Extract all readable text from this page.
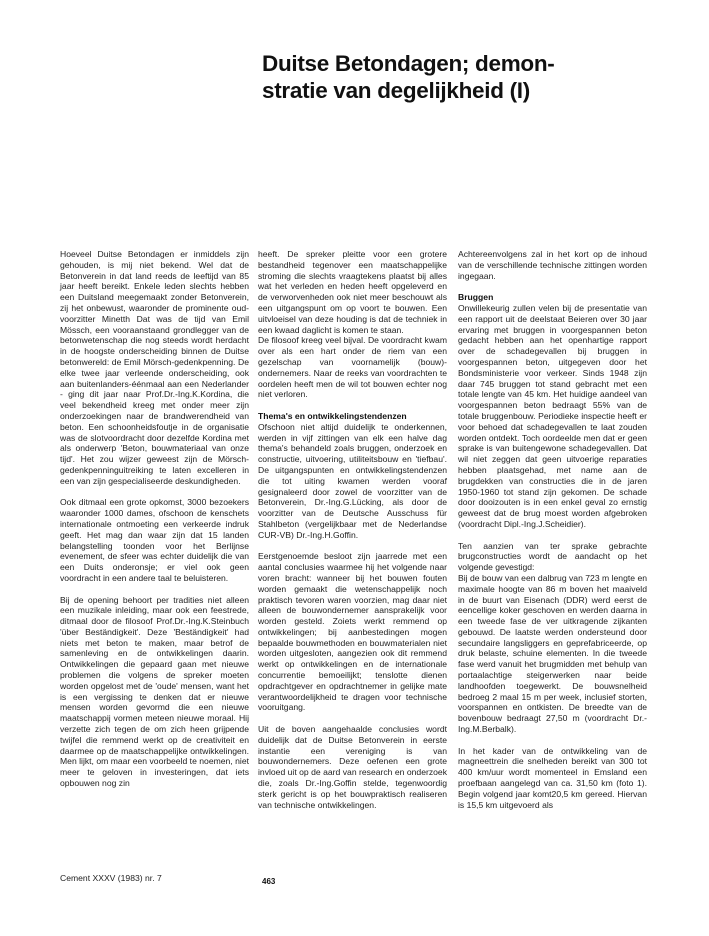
Duitse Betondagen; demon-
stratie van degelijkheid (I)

Hoeveel Duitse Betondagen er inmiddels zijn gehouden, is mij niet bekend. Wel dat de Betonverein in dat land reeds de leeftijd van 85 jaar heeft bereikt. Enkele leden slechts hebben een Duitsland meegemaakt zonder Betonverein, zij het onbewust, waaronder de prominente oud-voorzitter Minetth Dat was de tijd van Emil Mössch, een vooraanstaand grondlegger van de betonwetenschap die nog steeds wordt herdacht in de hoogste onderscheiding binnen de Duitse betonwereld: de Emil Mörsch-gedenkpenning. De elke twee jaar verleende onderscheiding, ook aan buitenlanders-éénmaal aan een Nederlander - ging dit jaar naar Prof.Dr.-Ing.K.Kordina, die veel bekendheid kreeg met onder meer zijn onderzoekingen naar de brandwerendheid van beton. Een schoonheidsfoutje in de organisatie was de slotvoordracht door dezelfde Kordina met als onderwerp 'Beton, bouwmateriaal van onze tijd'. Het zou wijzer geweest zijn de Mörsch-gedenkpenninguitreiking te laten excelleren in een van zijn gespecialiseerde deskundigheden.

Ook ditmaal een grote opkomst, 3000 bezoekers waaronder 1000 dames, ofschoon de kenschets internationale ontmoeting een verkeerde indruk geeft. Het mag dan waar zijn dat 15 landen belangstelling toonden voor het Berlijnse evenement, de sfeer was echter duidelijk die van een Duits onderonsje; er viel ook geen voordracht in een andere taal te beluisteren.

Bij de opening behoort per tradities niet alleen een muzikale inleiding, maar ook een feestrede, ditmaal door de filosoof Prof.Dr.-Ing.K.Steinbuch 'über Beständigkeit'. Deze 'Beständigkeit' had niets met beton te maken, maar betrof de samenleving en de ontwikkelingen daarin. Ontwikkelingen die gepaard gaan met nieuwe problemen die volgens de spreker moeten worden opgelost met de 'oude' mensen, want het is een vergissing te denken dat er nieuwe mensen worden gevormd die een nieuwe maatschappij vormen meteen nieuwe moraal. Hij verzette zich tegen de om zich heen grijpende twijfel die remmend werkt op de creativiteit en daarmee op de maatschappelijke ontwikkelingen. Men lijkt, om maar een voorbeeld te noemen, niet meer te geloven in investeringen, dat iets opbouwen nog zin

heeft. De spreker pleitte voor een grotere bestandheid tegenover een maatschappelijke stroming die slechts vraagtekens plaatst bij alles wat het verleden en heden heeft opgeleverd en de verworvenheden ook niet meer beschouwt als een uitgangspunt om op voort te bouwen. Een uitvloeisel van deze houding is dat de techniek in een kwaad daglicht is komen te staan.

De filosoof kreeg veel bijval. De voordracht kwam over als een hart onder de riem van een gezelschap van voornamelijk (bouw)-ondernemers. Naar de reeks van voordrachten te oordelen heeft men de wil tot bouwen echter nog niet verloren.

Thema's en ontwikkelingstendenzen

Ofschoon niet altijd duidelijk te onderkennen, werden in vijf zittingen van elk een halve dag thema's behandeld zoals bruggen, onderzoek en constructie, uitvoering, utiliteitsbouw en 'tiefbau'. De uitgangspunten en ontwikkelingstendenzen die tot uiting kwamen werden vooraf gesignaleerd door zowel de voorzitter van de Betonverein, Dr.-Ing.G.Lücking, als door de voorzitter van de Deutsche Ausschuss für Stahlbeton (vergelijkbaar met de Nederlandse CUR-VB) Dr.-Ing.H.Goffin.

Eerstgenoemde besloot zijn jaarrede met een aantal conclusies waarmee hij het volgende naar voren bracht: wanneer bij het bouwen fouten worden gemaakt die wetenschappelijk noch praktisch tevoren waren voorzien, mag daar niet alleen de bouwondernemer aansprakelijk voor worden gesteld. Zoiets werkt remmend op ontwikkelingen; bij aanbestedingen mogen bepaalde bouwmethoden en bouwmaterialen niet worden uitgesloten, aangezien ook dit remmend werkt op ontwikkelingen en de internationale concurrentie bemoeilijkt; tenslotte dienen opdrachtgever en opdrachtnemer in gelijke mate verantwoordelijkheid te dragen voor technische vooruitgang.

Uit de boven aangehaalde conclusies wordt duidelijk dat de Duitse Betonverein in eerste instantie een vereniging is van bouwondernemers. Deze oefenen een grote invloed uit op de aard van research en onderzoek die, zoals Dr.-Ing.Goffin stelde, tegenwoordig sterk gericht is op het bouwpraktisch realiseren van technische ontwikkelingen.

Achtereenvolgens zal in het kort op de inhoud van de verschillende technische zittingen worden ingegaan.

Bruggen

Onwillekeurig zullen velen bij de presentatie van een rapport uit de deelstaat Beieren over 30 jaar ervaring met bruggen in voorgespannen beton gedacht hebben aan het openhartige rapport over de schadegevallen bij bruggen in voorgespannen beton, uitgegeven door het Bondsministerie voor verkeer. Sinds 1948 zijn daar 745 bruggen tot stand gebracht met een totale lengte van 45 km. Het huidige aandeel van voorgespannen beton bedraagt 55% van de totale bruggenbouw. Periodieke inspectie heeft er voor behoed dat schadegevallen te laat zouden worden ontdekt. Toch oordeelde men dat er geen sprake is van buitengewone schadegevallen. Dat wil niet zeggen dat geen uitvoerige reparaties hebben plaatsgehad, met name aan de brugdekken van constructies die in de jaren 1950-1960 tot stand zijn gekomen. De schade door dooizouten is in een enkel geval zo ernstig geweest dat de brug moest worden afgebroken (voordracht Dipl.-Ing.J.Scheidier).

Ten aanzien van ter sprake gebrachte brugconstructies wordt de aandacht op het volgende gevestigd:

Bij de bouw van een dalbrug van 723 m lengte en maximale hoogte van 86 m boven het maaiveld in de buurt van Eisenach (DDR) werd eerst de eencellige koker geschoven en werden daarna in een tweede fase de ver uitkragende zijkanten gebouwd. De laatste werden ondersteund door secundaire langsliggers en geprefabriceerde, op druk belaste, schuine elementen. In die tweede fase werd vanuit het brugmidden met behulp van portaalachtige steigerwerken naar beide landhoofden toegewerkt. De bouwsnelheid bedroeg 2 maal 15 m per week, inclusief storten, voorspannen en ontkisten. De breedte van de bovenbouw bedraagt 27,50 m (voordracht Dr.-Ing.M.Berbalk).

In het kader van de ontwikkeling van de magneettrein die snelheden bereikt van 300 tot 400 km/uur wordt momenteel in Emsland een proefbaan aangelegd van ca. 31,50 km (foto 1). Begin volgend jaar komt20,5 km gereed. Hiervan is 15,5 km uitgevoerd als

Cement XXXV (1983) nr. 7	463
